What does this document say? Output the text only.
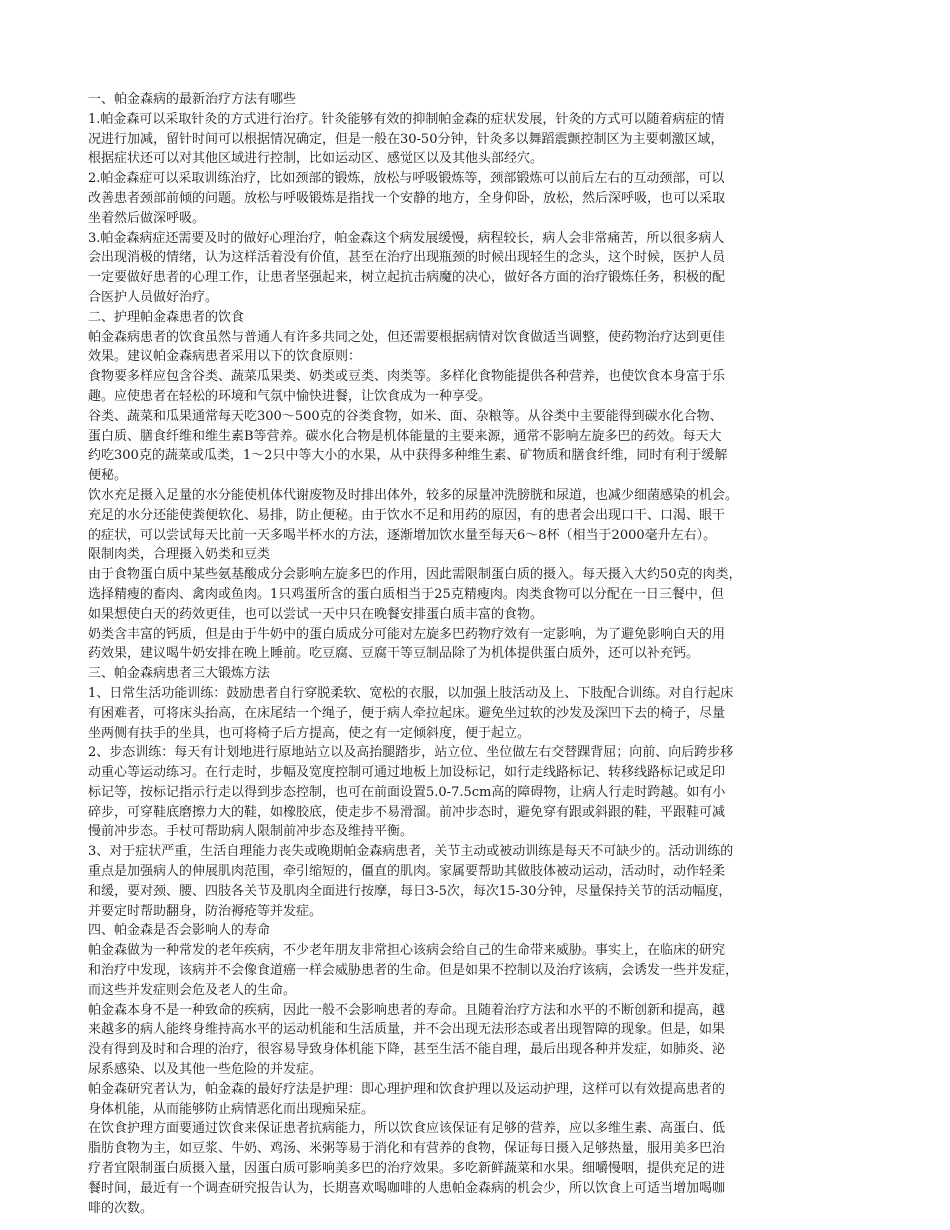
一、帕金森病的最新治疗方法有哪些

1.帕金森可以采取针灸的方式进行治疗。针灸能够有效的抑制帕金森的症状发展，针灸的方式可以随着病症的情

况进行加减，留针时间可以根据情况确定，但是一般在30-50分钟，针灸多以舞蹈震颤控制区为主要刺激区域，

根据症状还可以对其他区域进行控制，比如运动区、感觉区以及其他头部经穴。

2.帕金森症可以采取训练治疗，比如颈部的锻炼，放松与呼吸锻炼等，颈部锻炼可以前后左右的互动颈部，可以

改善患者颈部前倾的问题。放松与呼吸锻炼是指找一个安静的地方，全身仰卧，放松，然后深呼吸，也可以采取

坐着然后做深呼吸。

3.帕金森病症还需要及时的做好心理治疗，帕金森这个病发展缓慢，病程较长，病人会非常痛苦，所以很多病人

会出现消极的情绪，认为这样活着没有价值，甚至在治疗出现瓶颈的时候出现轻生的念头，这个时候，医护人员

一定要做好患者的心理工作，让患者坚强起来，树立起抗击病魔的决心，做好各方面的治疗锻炼任务，积极的配

合医护人员做好治疗。

二、护理帕金森患者的饮食

帕金森病患者的饮食虽然与普通人有许多共同之处，但还需要根据病情对饮食做适当调整，使药物治疗达到更佳

效果。建议帕金森病患者采用以下的饮食原则：

食物要多样应包含谷类、蔬菜瓜果类、奶类或豆类、肉类等。多样化食物能提供各种营养，也使饮食本身富于乐

趣。应使患者在轻松的环境和气氛中愉快进餐，让饮食成为一种享受。

谷类、蔬菜和瓜果通常每天吃300～500克的谷类食物，如米、面、杂粮等。从谷类中主要能得到碳水化合物、

蛋白质、膳食纤维和维生素B等营养。碳水化合物是机体能量的主要来源，通常不影响左旋多巴的药效。每天大

约吃300克的蔬菜或瓜类，1～2只中等大小的水果，从中获得多种维生素、矿物质和膳食纤维，同时有利于缓解

便秘。

饮水充足摄入足量的水分能使机体代谢废物及时排出体外，较多的尿量冲洗膀胱和尿道，也减少细菌感染的机会。

充足的水分还能使粪便软化、易排，防止便秘。由于饮水不足和用药的原因，有的患者会出现口干、口渴、眼干

的症状，可以尝试每天比前一天多喝半杯水的方法，逐渐增加饮水量至每天6～8杯（相当于2000毫升左右）。

限制肉类，合理摄入奶类和豆类

由于食物蛋白质中某些氨基酸成分会影响左旋多巴的作用，因此需限制蛋白质的摄入。每天摄入大约50克的肉类，

选择精瘦的畜肉、禽肉或鱼肉。1只鸡蛋所含的蛋白质相当于25克精瘦肉。肉类食物可以分配在一日三餐中，但

如果想使白天的药效更佳，也可以尝试一天中只在晚餐安排蛋白质丰富的食物。

奶类含丰富的钙质，但是由于牛奶中的蛋白质成分可能对左旋多巴药物疗效有一定影响，为了避免影响白天的用

药效果，建议喝牛奶安排在晚上睡前。吃豆腐、豆腐干等豆制品除了为机体提供蛋白质外，还可以补充钙。

三、帕金森病患者三大锻炼方法

1、日常生活功能训练：鼓励患者自行穿脱柔软、宽松的衣服，以加强上肢活动及上、下肢配合训练。对自行起床

有困难者，可将床头抬高，在床尾结一个绳子，便于病人牵拉起床。避免坐过软的沙发及深凹下去的椅子，尽量

坐两侧有扶手的坐具，也可将椅子后方提高，使之有一定倾斜度，便于起立。

2、步态训练：每天有计划地进行原地站立以及高抬腿踏步，站立位、坐位做左右交替踝背屈；向前、向后跨步移

动重心等运动练习。在行走时，步幅及宽度控制可通过地板上加设标记，如行走线路标记、转移线路标记或足印

标记等，按标记指示行走以得到步态控制，也可在前面设置5.0-7.5cm高的障碍物，让病人行走时跨越。如有小

碎步，可穿鞋底磨擦力大的鞋，如橡胶底，使走步不易滑溜。前冲步态时，避免穿有跟或斜跟的鞋，平跟鞋可减

慢前冲步态。手杖可帮助病人限制前冲步态及维持平衡。

3、对于症状严重，生活自理能力丧失或晚期帕金森病患者，关节主动或被动训练是每天不可缺少的。活动训练的

重点是加强病人的伸展肌肉范围，牵引缩短的，僵直的肌肉。家属要帮助其做肢体被动运动，活动时，动作轻柔

和缓，要对颈、腰、四肢各关节及肌肉全面进行按摩，每日3-5次，每次15-30分钟，尽量保持关节的活动幅度，

并要定时帮助翻身，防治褥疮等并发症。

四、帕金森是否会影响人的寿命

帕金森做为一种常发的老年疾病，不少老年朋友非常担心该病会给自己的生命带来威胁。事实上，在临床的研究

和治疗中发现，该病并不会像食道癌一样会威胁患者的生命。但是如果不控制以及治疗该病，会诱发一些并发症，

而这些并发症则会危及老人的生命。

帕金森本身不是一种致命的疾病，因此一般不会影响患者的寿命。且随着治疗方法和水平的不断创新和提高，越

来越多的病人能终身维持高水平的运动机能和生活质量，并不会出现无法形态或者出现智障的现象。但是，如果

没有得到及时和合理的治疗，很容易导致身体机能下降，甚至生活不能自理，最后出现各种并发症，如肺炎、泌

尿系感染、以及其他一些危险的并发症。

帕金森研究者认为，帕金森的最好疗法是护理：即心理护理和饮食护理以及运动护理，这样可以有效提高患者的

身体机能，从而能够防止病情恶化而出现痴呆症。

在饮食护理方面要通过饮食来保证患者抗病能力，所以饮食应该保证有足够的营养，应以多维生素、高蛋白、低

脂肪食物为主，如豆浆、牛奶、鸡汤、米粥等易于消化和有营养的食物，保证每日摄入足够热量，服用美多巴治

疗者宜限制蛋白质摄入量，因蛋白质可影响美多巴的治疗效果。多吃新鲜蔬菜和水果。细嚼慢咽，提供充足的进

餐时间，最近有一个调查研究报告认为，长期喜欢喝咖啡的人患帕金森病的机会少，所以饮食上可适当增加喝咖

啡的次数。
